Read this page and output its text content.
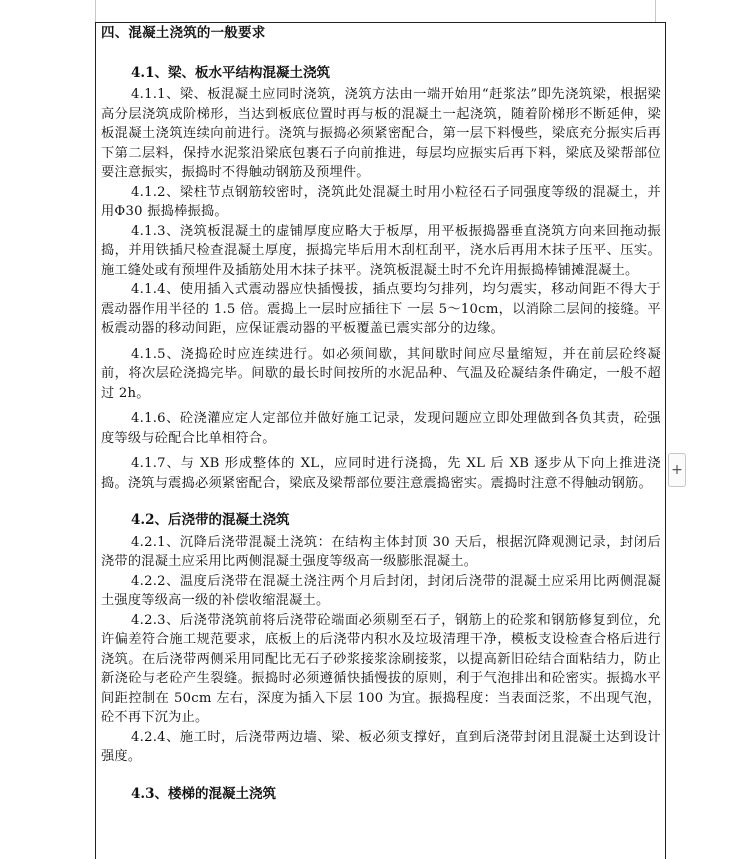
四、混凝土浇筑的一般要求
4.1、梁、板水平结构混凝土浇筑

4.1.1、梁、板混凝土应同时浇筑，浇筑方法由一端开始用“赶浆法”即先浇筑梁，根据梁高分层浇筑成阶梯形，当达到板底位置时再与板的混凝土一起浇筑，随着阶梯形不断延伸，梁板混凝土浇筑连续向前进行。浇筑与振捣必须紧密配合，第一层下料慢些，梁底充分振实后再下第二层料，保持水泥浆沿梁底包裹石子向前推进，每层均应振实后再下料，梁底及梁帮部位要注意振实，振捣时不得触动钢筋及预埋件。

4.1.2、梁柱节点钢筋较密时，浇筑此处混凝土时用小粒径石子同强度等级的混凝土，并用Φ30 振捣棒振捣。

4.1.3、浇筑板混凝土的虚铺厚度应略大于板厚，用平板振捣器垂直浇筑方向来回拖动振捣，并用铁插尺检查混凝土厚度，振捣完毕后用木刮杠刮平，浇水后再用木抹子压平、压实。施工缝处或有预埋件及插筋处用木抹子抹平。浇筑板混凝土时不允许用振捣棒铺摊混凝土。

4.1.4、使用插入式震动器应快插慢拔，插点要均匀排列，均匀震实，移动间距不得大于震动器作用半径的 1.5 倍。震捣上一层时应插往下 一层 5～10cm，以消除二层间的接缝。平板震动器的移动间距，应保证震动器的平板覆盖已震实部分的边缘。

4.1.5、浇捣砼时应连续进行。如必须间歇，其间歇时间应尽量缩短，并在前层砼终凝前，将次层砼浇捣完毕。间歇的最长时间按所的水泥品种、气温及砼凝结条件确定，一般不超过 2h。

4.1.6、砼浇灌应定人定部位并做好施工记录，发现问题应立即处理做到各负其责，砼强度等级与砼配合比单相符合。

4.1.7、与 XB 形成整体的 XL，应同时进行浇捣，先 XL 后 XB 逐步从下向上推进浇捣。浇筑与震捣必须紧密配合，梁底及梁帮部位要注意震捣密实。震捣时注意不得触动钢筋。

4.2、后浇带的混凝土浇筑

4.2.1、沉降后浇带混凝土浇筑：在结构主体封顶 30 天后，根据沉降观测记录，封闭后浇带的混凝土应采用比两侧混凝土强度等级高一级膨胀混凝土。

4.2.2、温度后浇带在混凝土浇注两个月后封闭，封闭后浇带的混凝土应采用比两侧混凝土强度等级高一级的补偿收缩混凝土。

4.2.3、后浇带浇筑前将后浇带砼端面必须剔至石子，钢筋上的砼浆和钢筋修复到位，允许偏差符合施工规范要求，底板上的后浇带内积水及垃圾清理干净，模板支设检查合格后进行浇筑。在后浇带两侧采用同配比无石子砂浆接浆涂刷接浆，以提高新旧砼结合面粘结力，防止新浇砼与老砼产生裂缝。振捣时必须遵循快插慢拔的原则，利于气泡排出和砼密实。振捣水平间距控制在 50cm 左右，深度为插入下层 100 为宜。振捣程度：当表面泛浆，不出现气泡，砼不再下沉为止。

4.2.4、施工时，后浇带两边墙、梁、板必须支撑好，直到后浇带封闭且混凝土达到设计强度。

4.3、楼梯的混凝土浇筑
+
